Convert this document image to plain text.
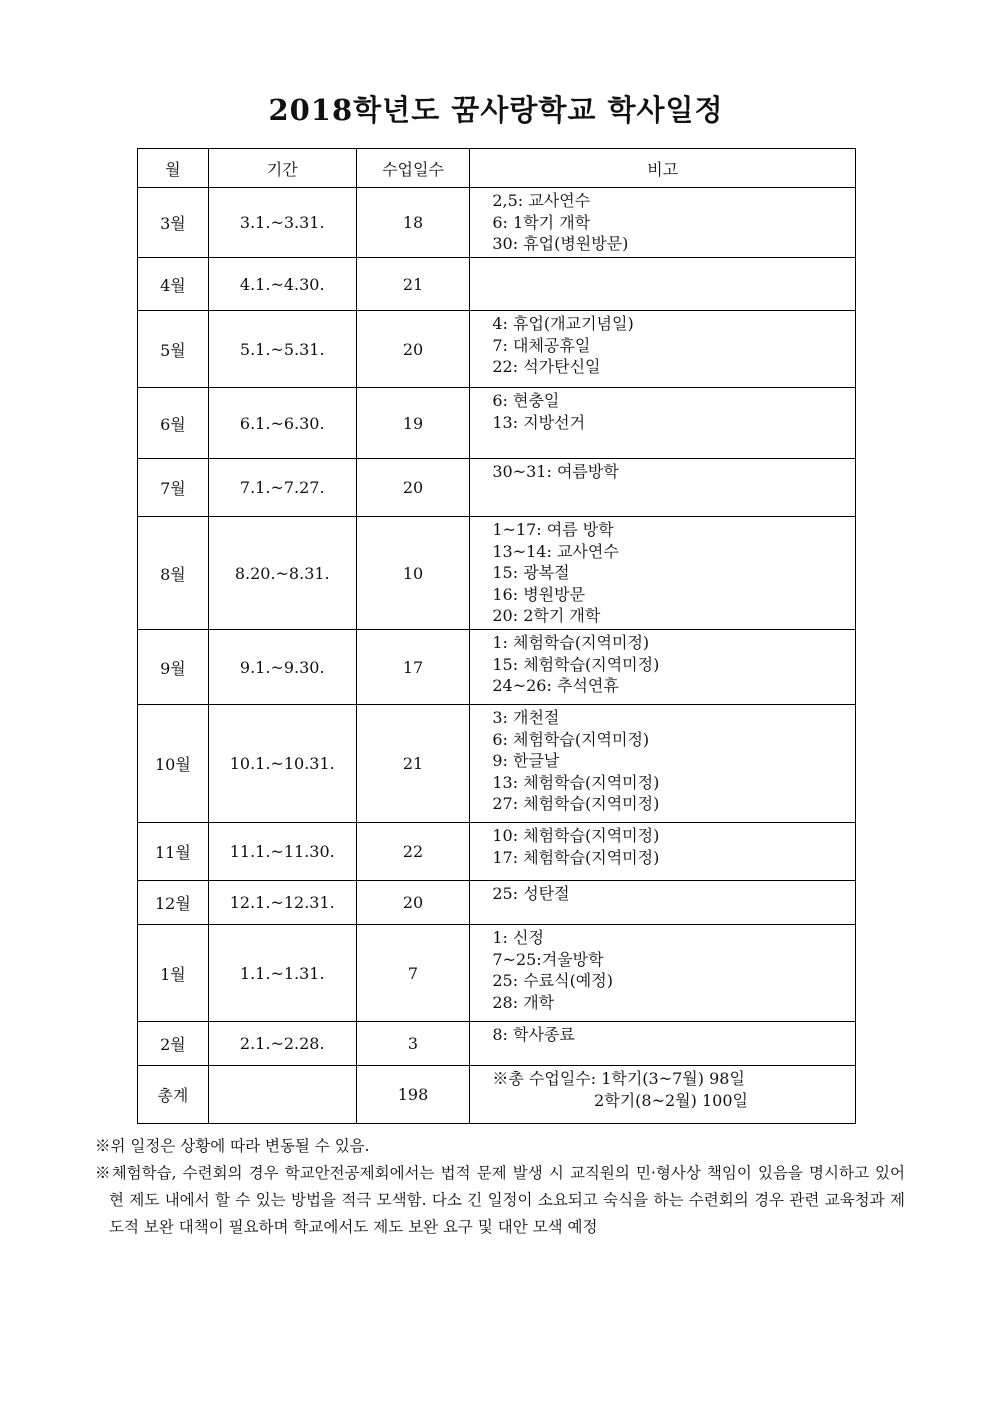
2018학년도 꿈사랑학교 학사일정
월	기간	수업일수	비고
3월	3.1.~3.31.	18	2,5: 교사연수
6: 1학기 개학
30: 휴업(병원방문)

4월	4.1.~4.30.	21	
5월	5.1.~5.31.	20	4: 휴업(개교기념일)
7: 대체공휴일
22: 석가탄신일

6월	6.1.~6.30.	19	6: 현충일
13: 지방선거

7월	7.1.~7.27.	20	30~31: 여름방학

8월	8.20.~8.31.	10	1~17: 여름 방학
13~14: 교사연수
15: 광복절
16: 병원방문
20: 2학기 개학

9월	9.1.~9.30.	17	1: 체험학습(지역미정)
15: 체험학습(지역미정)
24~26: 추석연휴

10월	10.1.~10.31.	21	3: 개천절
6: 체험학습(지역미정)
9: 한글날
13: 체험학습(지역미정)
27: 체험학습(지역미정)

11월	11.1.~11.30.	22	10: 체험학습(지역미정)
17: 체험학습(지역미정)

12월	12.1.~12.31.	20	25: 성탄절

1월	1.1.~1.31.	7	1: 신정
7~25:겨울방학
25: 수료식(예정)
28: 개학

2월	2.1.~2.28.	3	8: 학사종료

총계		198	※총 수업일수: 1학기(3~7월) 98일
2학기(8~2월) 100일
※위 일정은 상황에 따라 변동될 수 있음.
※체험학습, 수련회의 경우 학교안전공제회에서는 법적 문제 발생 시 교직원의 민·형사상 책임이 있음을 명시하고 있어 현 제도 내에서 할 수 있는 방법을 적극 모색함. 다소 긴 일정이 소요되고 숙식을 하는 수련회의 경우 관련 교육청과 제도적 보완 대책이 필요하며 학교에서도 제도 보완 요구 및 대안 모색 예정
